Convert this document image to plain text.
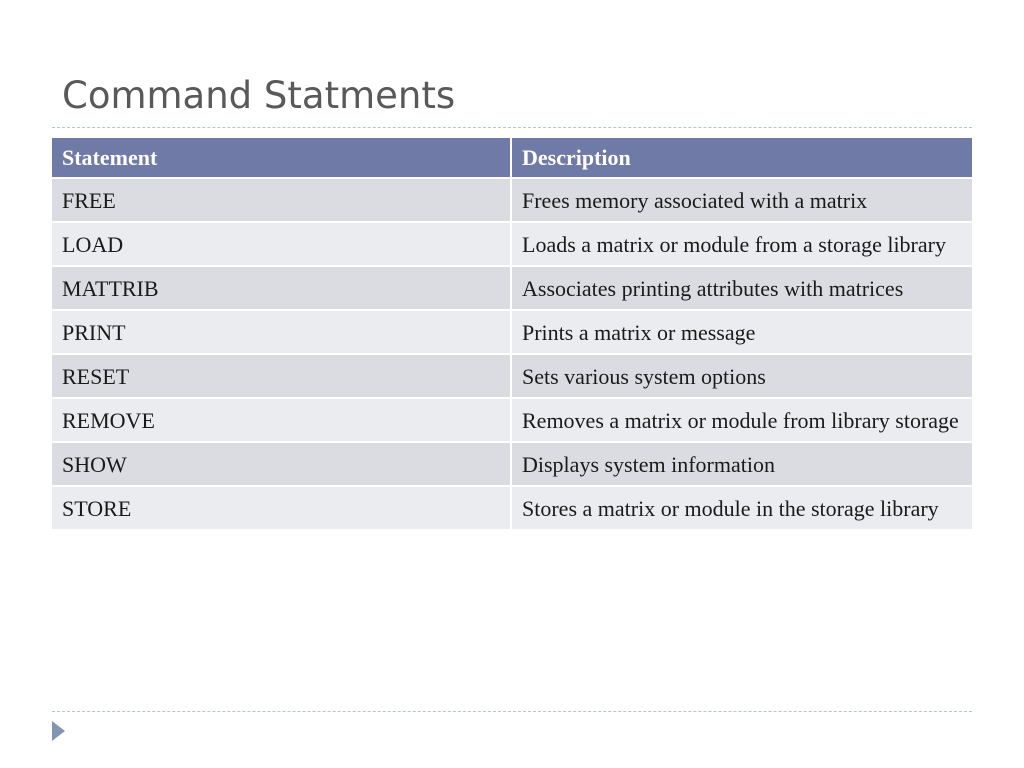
Command Statments
Statement	Description
FREE	Frees memory associated with a matrix
LOAD	Loads a matrix or module from a storage library
MATTRIB	Associates printing attributes with matrices
PRINT	Prints a matrix or message
RESET	Sets various system options
REMOVE	Removes a matrix or module from library storage
SHOW	Displays system information
STORE	Stores a matrix or module in the storage library
